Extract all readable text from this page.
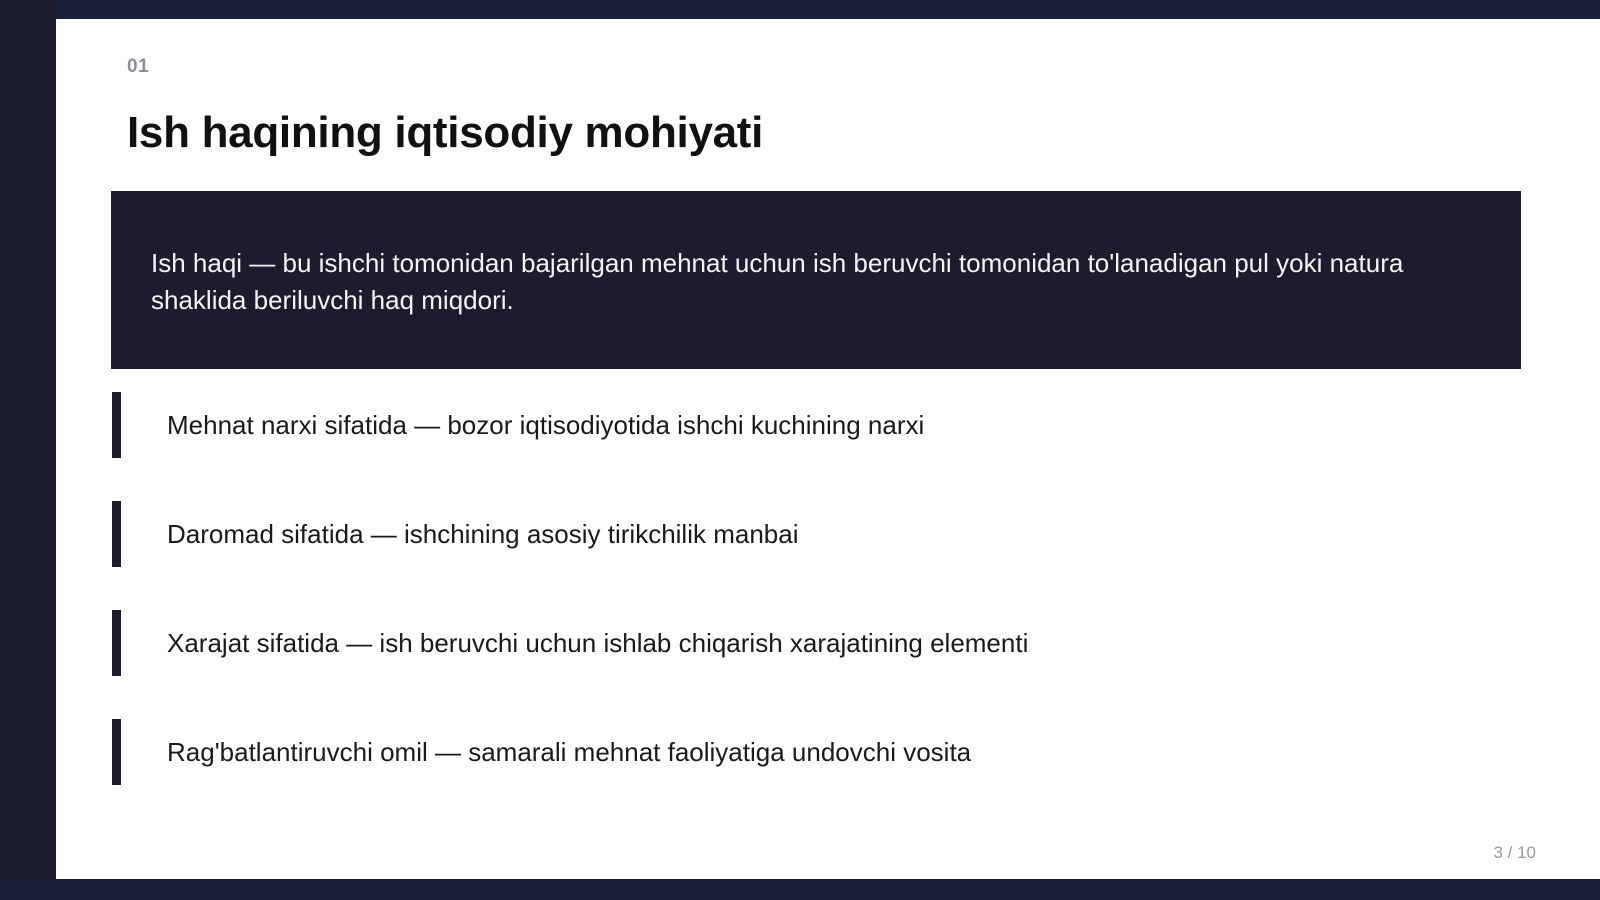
01
Ish haqining iqtisodiy mohiyati

Ish haqi — bu ishchi tomonidan bajarilgan mehnat uchun ish beruvchi tomonidan to'lanadigan pul yoki natura shaklida beriluvchi haq miqdori.

Mehnat narxi sifatida — bozor iqtisodiyotida ishchi kuchining narxi
Daromad sifatida — ishchining asosiy tirikchilik manbai
Xarajat sifatida — ish beruvchi uchun ishlab chiqarish xarajatining elementi
Rag'batlantiruvchi omil — samarali mehnat faoliyatiga undovchi vosita
3 / 10
